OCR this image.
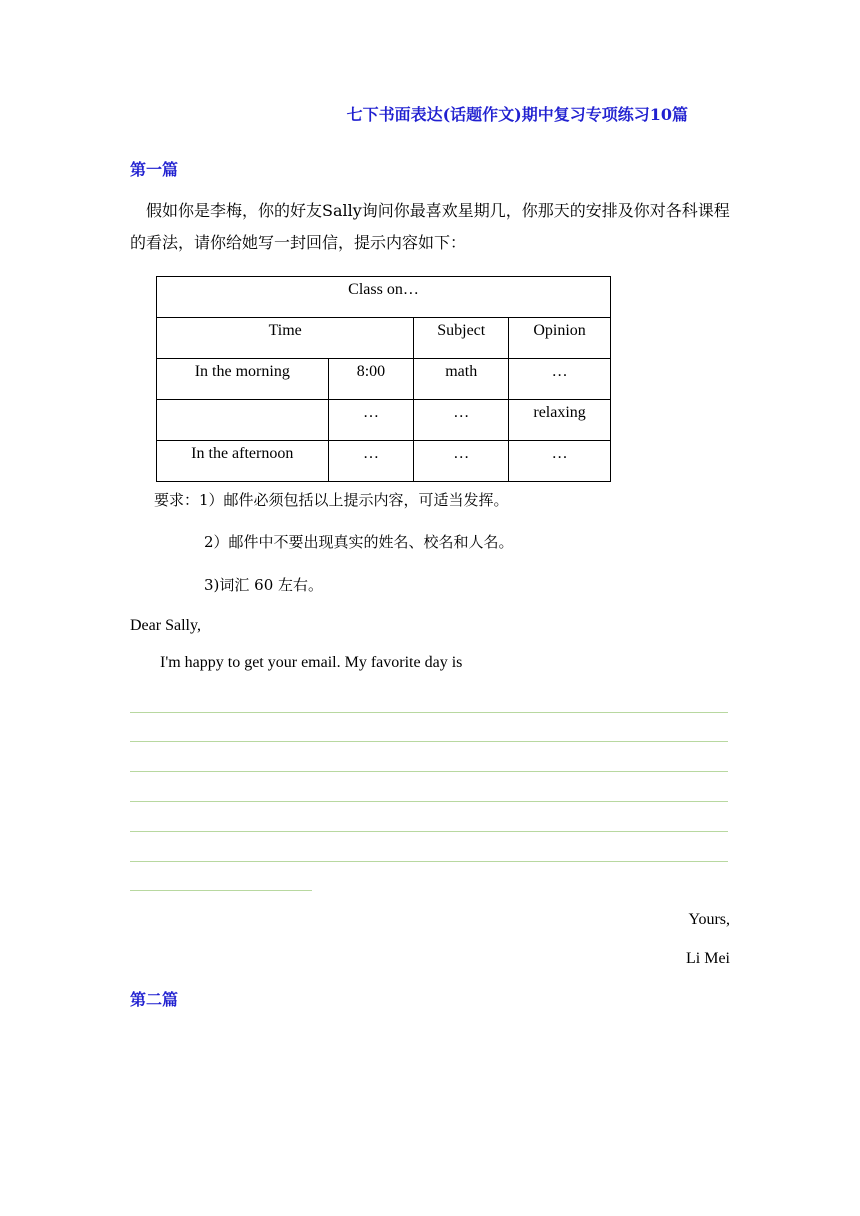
七下书面表达(话题作文)期中复习专项练习10篇
第一篇
假如你是李梅，你的好友Sally询问你最喜欢星期几，你那天的安排及你对各科课程的看法，请你给她写一封回信，提示内容如下：
Class on…			
Time		Subject	Opinion
In the morning	8:00	math	…
	…	…	relaxing
In the afternoon	…	…	…
要求：1）邮件必须包括以上提示内容，可适当发挥。
2）邮件中不要出现真实的姓名、校名和人名。
3)词汇 60 左右。
Dear Sally,
I'm happy to get your email. My favorite day is
Yours,
Li Mei
第二篇
